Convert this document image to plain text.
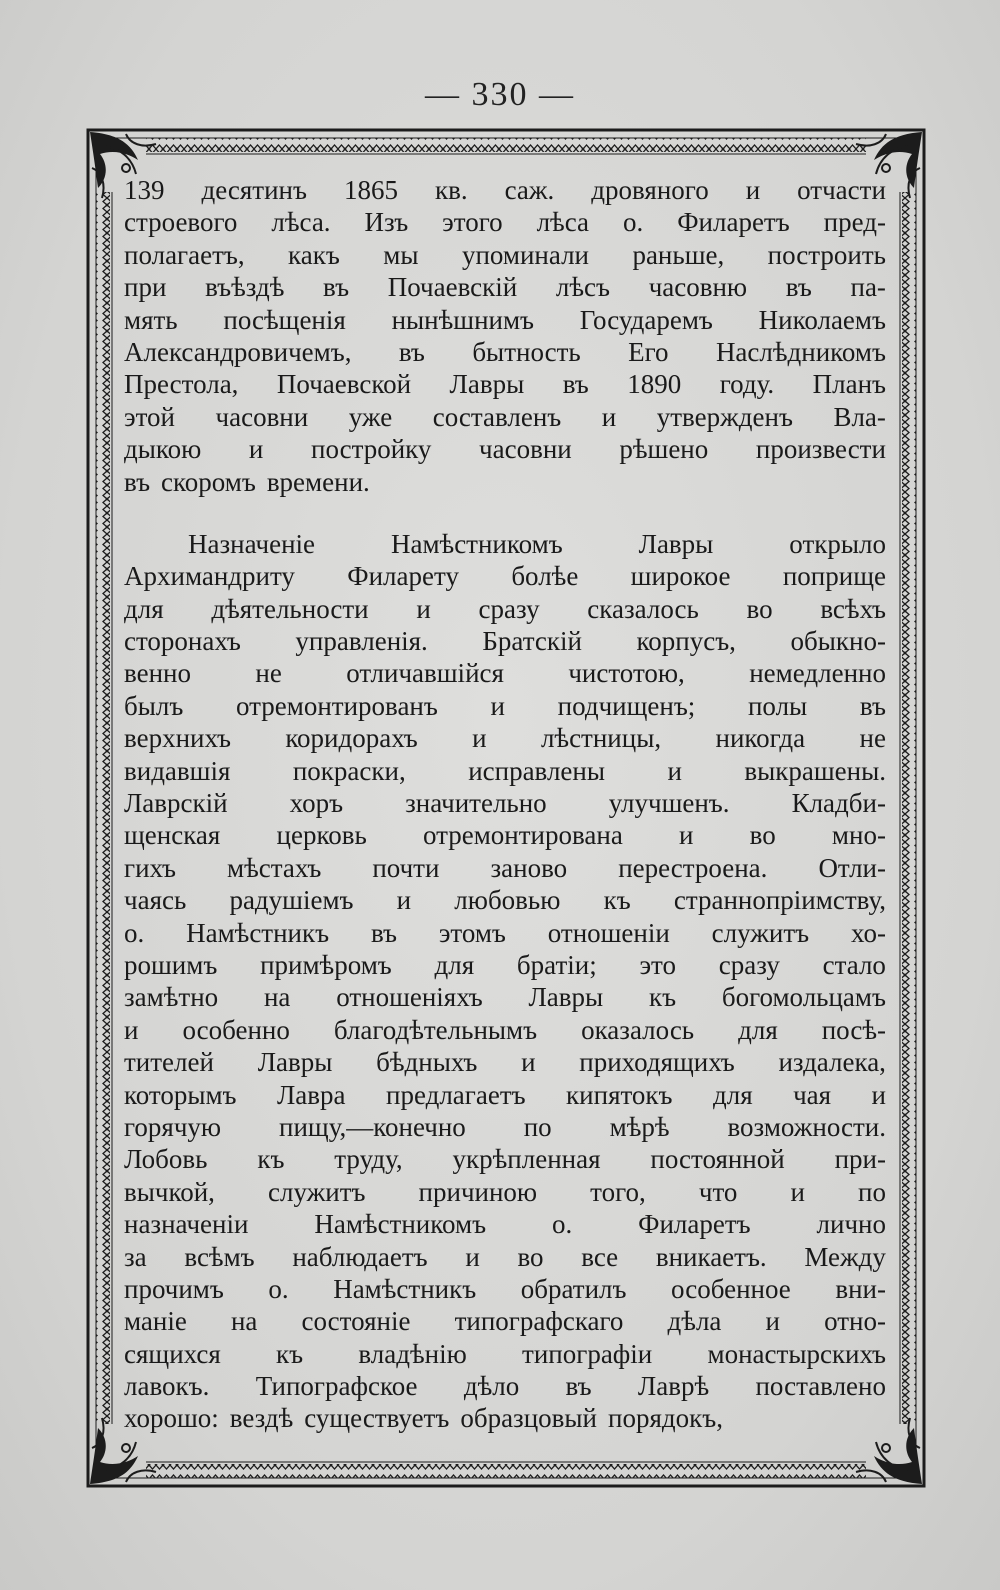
— 330 —
139 десятинъ 1865 кв. саж. дровяного и отчасти
строевого лѣса. Изъ этого лѣса о. Филаретъ пред-
полагаетъ, какъ мы упоминали раньше, построить
при въѣздѣ въ Почаевскій лѣсъ часовню въ па-
мять посѣщенія нынѣшнимъ Государемъ Николаемъ
Александровичемъ, въ бытность Его Наслѣдникомъ
Престола, Почаевской Лавры въ 1890 году. Планъ
этой часовни уже составленъ и утвержденъ Вла-
дыкою и постройку часовни рѣшено произвести
въ скоромъ времени.
Назначеніе	Намѣстникомъ	Лавры	открыло
Архимандриту Филарету болѣе широкое поприще
для дѣятельности и сразу сказалось во всѣхъ
сторонахъ управленія. Братскій корпусъ, обыкно-
венно не отличавшійся чистотою, немедленно
былъ отремонтированъ и подчищенъ; полы въ
верхнихъ коридорахъ и лѣстницы, никогда не
видавшія покраски, исправлены и выкрашены.
Лаврскій хоръ значительно улучшенъ. Кладби-
щенская церковь отремонтирована и во мно-
гихъ мѣстахъ почти заново перестроена. Отли-
чаясь радушіемъ и любовью къ страннопріимству,
о. Намѣстникъ въ этомъ отношеніи служитъ хо-
рошимъ примѣромъ для братіи; это сразу стало
замѣтно на отношеніяхъ Лавры къ богомольцамъ
и особенно благодѣтельнымъ оказалось для посѣ-
тителей Лавры бѣдныхъ и приходящихъ издалека,
которымъ Лавра предлагаетъ кипятокъ для чая и
горячую пищу,—конечно по мѣрѣ возможности.
Лобовь къ труду, укрѣпленная постоянной при-
вычкой, служитъ причиною того, что и по
назначеніи Намѣстникомъ о. Филаретъ лично
за всѣмъ наблюдаетъ и во все вникаетъ. Между
прочимъ о. Намѣстникъ обратилъ особенное вни-
маніе на состояніе типографскаго дѣла и отно-
сящихся къ владѣнію типографіи монастырскихъ
лавокъ. Типографское дѣло въ Лаврѣ поставлено
хорошо: вездѣ существуетъ образцовый порядокъ,
